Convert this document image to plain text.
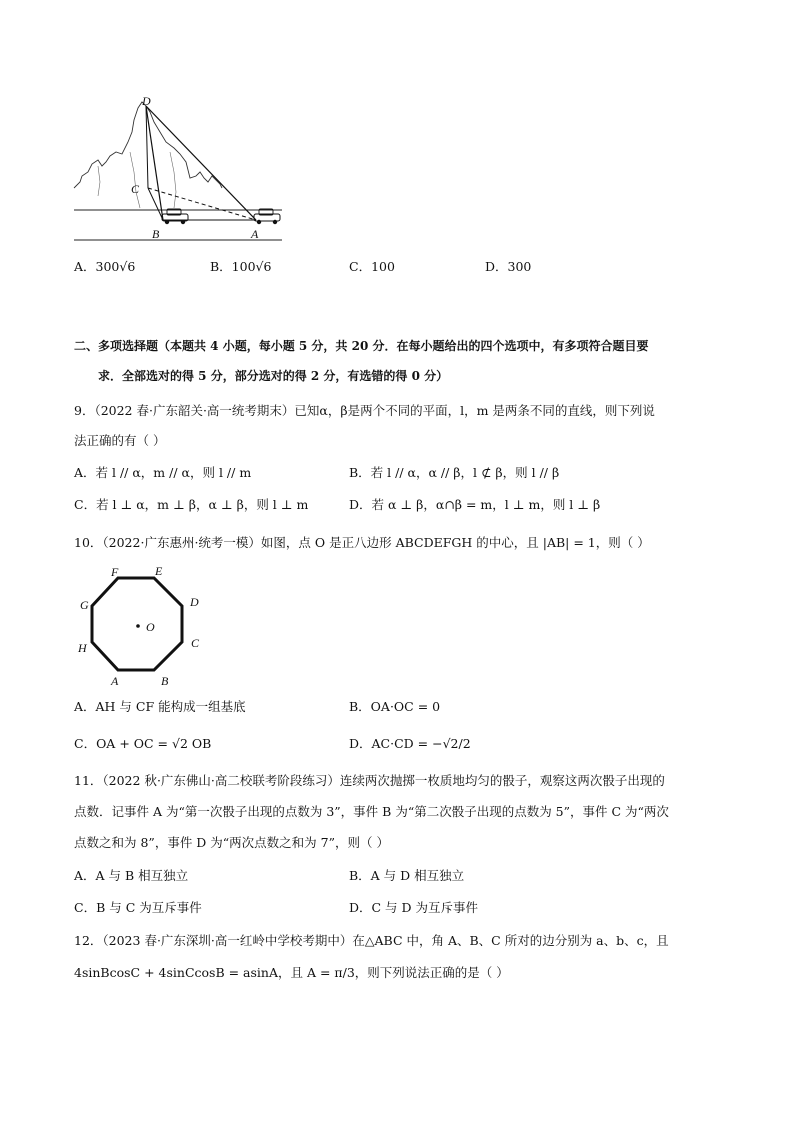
D
C
B	A
A．300√6	B．100√6	C．100	D．300
二、多项选择题（本题共 4 小题，每小题 5 分，共 20 分．在每小题给出的四个选项中，有多项符合题目要
求．全部选对的得 5 分，部分选对的得 2 分，有选错的得 0 分）
9．（2022 春·广东韶关·高一统考期末）已知α，β是两个不同的平面，l，m 是两条不同的直线，则下列说
法正确的有（ ）
A．若 l // α，m // α，则 l // m	B．若 l // α，α // β，l ⊄ β，则 l // β
C．若 l ⊥ α，m ⊥ β，α ⊥ β，则 l ⊥ m	D．若 α ⊥ β，α∩β = m，l ⊥ m，则 l ⊥ β
10．（2022·广东惠州·统考一模）如图，点 O 是正八边形 ABCDEFGH 的中心，且 |AB| = 1，则（ ）
F	E
G	D
O
H	C
A	B
A．AH 与 CF 能构成一组基底	B．OA·OC = 0
C．OA + OC = √2 OB	D．AC·CD = −√2/2
11．（2022 秋·广东佛山·高二校联考阶段练习）连续两次抛掷一枚质地均匀的骰子，观察这两次骰子出现的
点数．记事件 A 为“第一次骰子出现的点数为 3”，事件 B 为“第二次骰子出现的点数为 5”，事件 C 为“两次
点数之和为 8”，事件 D 为“两次点数之和为 7”，则（ ）
A．A 与 B 相互独立	B．A 与 D 相互独立
C．B 与 C 为互斥事件	D．C 与 D 为互斥事件
12．（2023 春·广东深圳·高一红岭中学校考期中）在△ABC 中，角 A、B、C 所对的边分别为 a、b、c，且
4sinBcosC + 4sinCcosB = asinA，且 A = π/3，则下列说法正确的是（ ）
